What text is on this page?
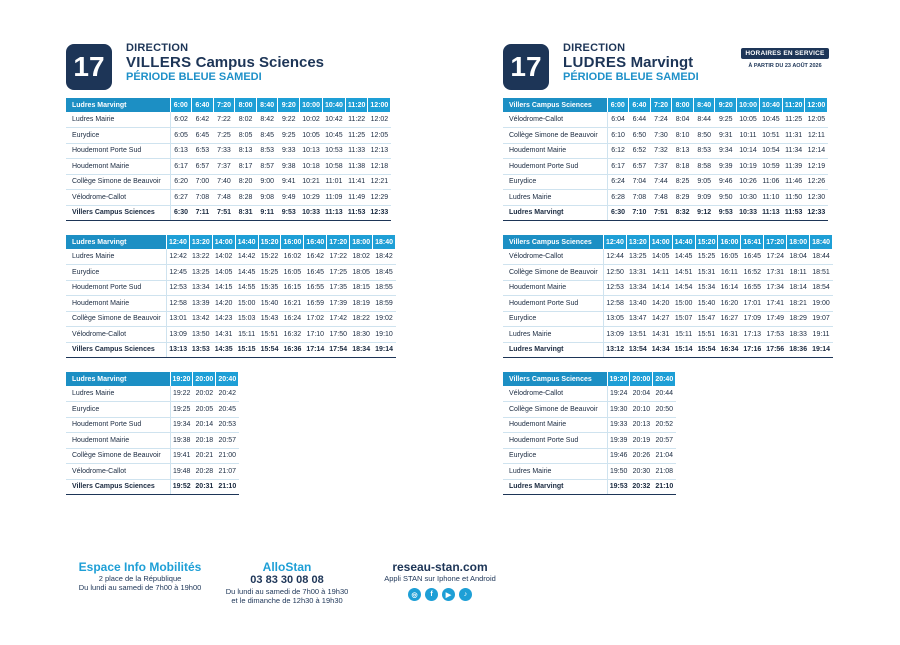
17
DIRECTION
VILLERS Campus Sciences
PÉRIODE BLEUE SAMEDI
Ludres Marvingt	6:00	6:40	7:20	8:00	8:40	9:20	10:00	10:40	11:20	12:00
Ludres Mairie	6:02	6:42	7:22	8:02	8:42	9:22	10:02	10:42	11:22	12:02
Eurydice	6:05	6:45	7:25	8:05	8:45	9:25	10:05	10:45	11:25	12:05
Houdemont Porte Sud	6:13	6:53	7:33	8:13	8:53	9:33	10:13	10:53	11:33	12:13
Houdemont Mairie	6:17	6:57	7:37	8:17	8:57	9:38	10:18	10:58	11:38	12:18
Collège Simone de Beauvoir	6:20	7:00	7:40	8:20	9:00	9:41	10:21	11:01	11:41	12:21
Vélodrome-Callot	6:27	7:08	7:48	8:28	9:08	9:49	10:29	11:09	11:49	12:29
Villers Campus Sciences	6:30	7:11	7:51	8:31	9:11	9:53	10:33	11:13	11:53	12:33
Ludres Marvingt	12:40	13:20	14:00	14:40	15:20	16:00	16:40	17:20	18:00	18:40
Ludres Mairie	12:42	13:22	14:02	14:42	15:22	16:02	16:42	17:22	18:02	18:42
Eurydice	12:45	13:25	14:05	14:45	15:25	16:05	16:45	17:25	18:05	18:45
Houdemont Porte Sud	12:53	13:34	14:15	14:55	15:35	16:15	16:55	17:35	18:15	18:55
Houdemont Mairie	12:58	13:39	14:20	15:00	15:40	16:21	16:59	17:39	18:19	18:59
Collège Simone de Beauvoir	13:01	13:42	14:23	15:03	15:43	16:24	17:02	17:42	18:22	19:02
Vélodrome-Callot	13:09	13:50	14:31	15:11	15:51	16:32	17:10	17:50	18:30	19:10
Villers Campus Sciences	13:13	13:53	14:35	15:15	15:54	16:36	17:14	17:54	18:34	19:14
Ludres Marvingt	19:20	20:00	20:40
Ludres Mairie	19:22	20:02	20:42
Eurydice	19:25	20:05	20:45
Houdemont Porte Sud	19:34	20:14	20:53
Houdemont Mairie	19:38	20:18	20:57
Collège Simone de Beauvoir	19:41	20:21	21:00
Vélodrome-Callot	19:48	20:28	21:07
Villers Campus Sciences	19:52	20:31	21:10
17
DIRECTION
LUDRES Marvingt
PÉRIODE BLEUE SAMEDI
HORAIRES EN SERVICE
À PARTIR DU 23 AOÛT 2026
Villers Campus Sciences	6:00	6:40	7:20	8:00	8:40	9:20	10:00	10:40	11:20	12:00
Vélodrome-Callot	6:04	6:44	7:24	8:04	8:44	9:25	10:05	10:45	11:25	12:05
Collège Simone de Beauvoir	6:10	6:50	7:30	8:10	8:50	9:31	10:11	10:51	11:31	12:11
Houdemont Mairie	6:12	6:52	7:32	8:13	8:53	9:34	10:14	10:54	11:34	12:14
Houdemont Porte Sud	6:17	6:57	7:37	8:18	8:58	9:39	10:19	10:59	11:39	12:19
Eurydice	6:24	7:04	7:44	8:25	9:05	9:46	10:26	11:06	11:46	12:26
Ludres Mairie	6:28	7:08	7:48	8:29	9:09	9:50	10:30	11:10	11:50	12:30
Ludres Marvingt	6:30	7:10	7:51	8:32	9:12	9:53	10:33	11:13	11:53	12:33
Villers Campus Sciences	12:40	13:20	14:00	14:40	15:20	16:00	16:41	17:20	18:00	18:40
Vélodrome-Callot	12:44	13:25	14:05	14:45	15:25	16:05	16:45	17:24	18:04	18:44
Collège Simone de Beauvoir	12:50	13:31	14:11	14:51	15:31	16:11	16:52	17:31	18:11	18:51
Houdemont Mairie	12:53	13:34	14:14	14:54	15:34	16:14	16:55	17:34	18:14	18:54
Houdemont Porte Sud	12:58	13:40	14:20	15:00	15:40	16:20	17:01	17:41	18:21	19:00
Eurydice	13:05	13:47	14:27	15:07	15:47	16:27	17:09	17:49	18:29	19:07
Ludres Mairie	13:09	13:51	14:31	15:11	15:51	16:31	17:13	17:53	18:33	19:11
Ludres Marvingt	13:12	13:54	14:34	15:14	15:54	16:34	17:16	17:56	18:36	19:14
Villers Campus Sciences	19:20	20:00	20:40
Vélodrome-Callot	19:24	20:04	20:44
Collège Simone de Beauvoir	19:30	20:10	20:50
Houdemont Mairie	19:33	20:13	20:52
Houdemont Porte Sud	19:39	20:19	20:57
Eurydice	19:46	20:26	21:04
Ludres Mairie	19:50	20:30	21:08
Ludres Marvingt	19:53	20:32	21:10
Espace Info Mobilités
2 place de la République
Du lundi au samedi de 7h00 à 19h00
AlloStan
03 83 30 08 08
Du lundi au samedi de 7h00 à 19h30
et le dimanche de 12h30 à 19h30
reseau-stan.com
Appli STAN sur Iphone et Android
◎	f	▶	♪
